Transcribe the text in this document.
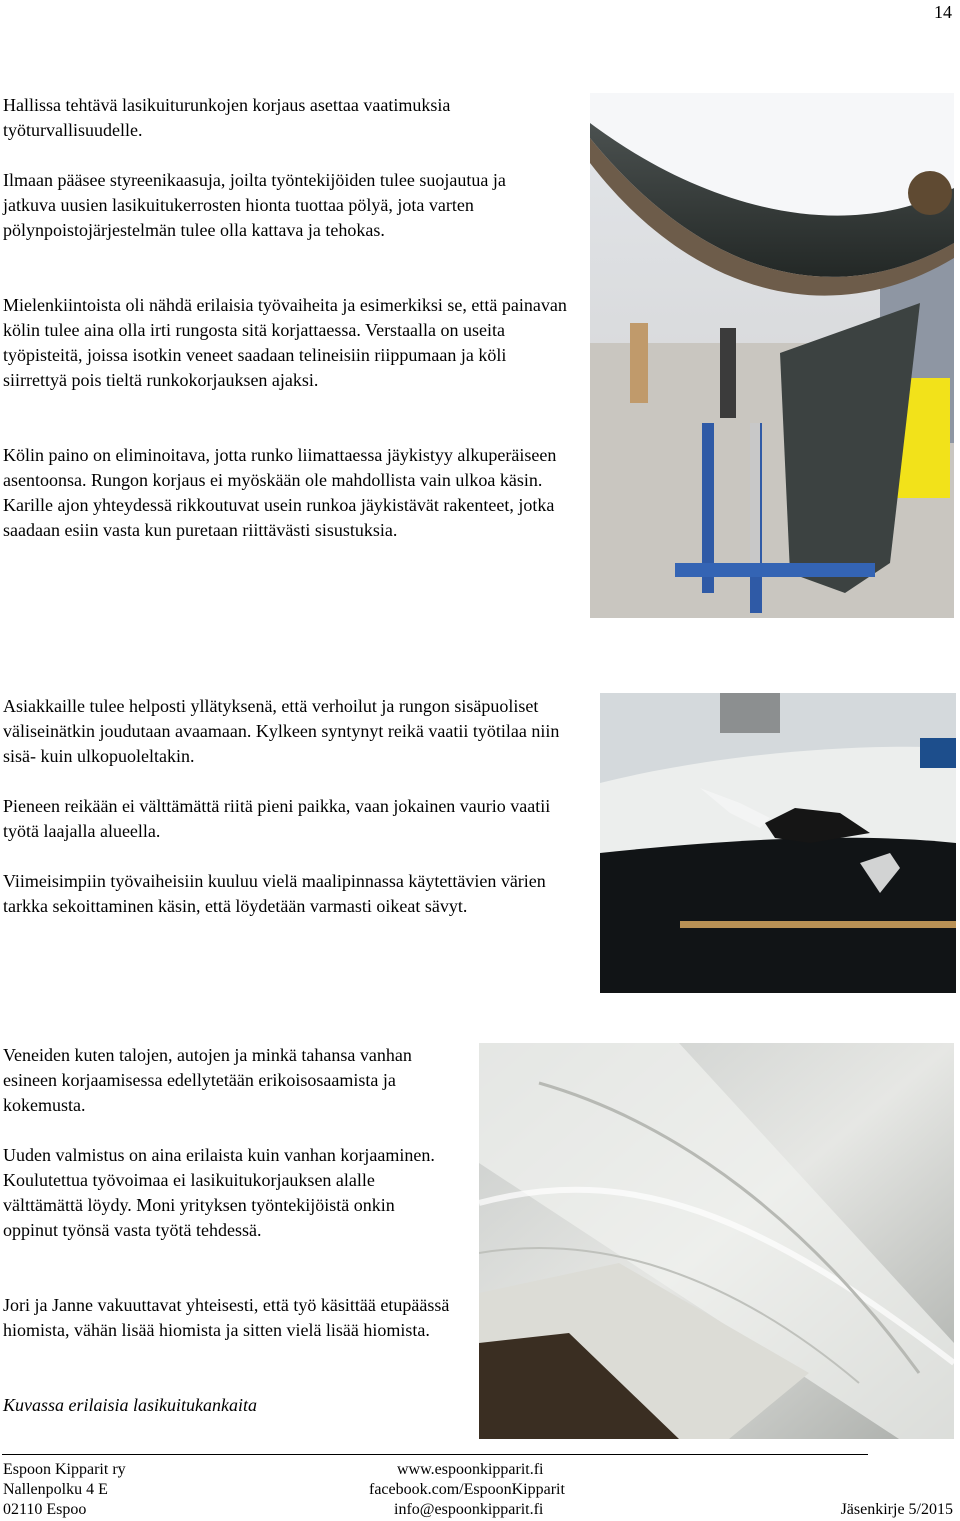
14

Hallissa tehtävä lasikuiturunkojen korjaus asettaa vaatimuksia työturvallisuudelle.

Ilmaan pääsee styreenikaasuja, joilta työntekijöiden tulee suojautua ja jatkuva uusien lasikuitukerrosten hionta tuottaa pölyä, jota varten pölynpoistojärjestelmän tulee olla kattava ja tehokas.

Mielenkiintoista oli nähdä erilaisia työvaiheita ja esimerkiksi se, että painavan kölin tulee aina olla irti rungosta sitä korjattaessa. Verstaalla on useita työpisteitä, joissa isotkin veneet saadaan telineisiin riippumaan ja köli siirrettyä pois tieltä runkokorjauksen ajaksi.

Kölin paino on eliminoitava, jotta runko liimattaessa jäykistyy alkuperäiseen asentoonsa. Rungon korjaus ei myöskään ole mahdollista vain ulkoa käsin. Karille ajon yhteydessä rikkoutuvat usein runkoa jäykistävät rakenteet, jotka saadaan esiin vasta kun puretaan riittävästi sisustuksia.

Asiakkaille tulee helposti yllätyksenä, että verhoilut ja rungon sisäpuoliset väliseinätkin joudutaan avaamaan. Kylkeen syntynyt reikä vaatii työtilaa niin sisä- kuin ulkopuoleltakin.

Pieneen reikään ei välttämättä riitä pieni paikka, vaan jokainen vaurio vaatii työtä laajalla alueella.

Viimeisimpiin työvaiheisiin kuuluu vielä maalipinnassa käytettävien värien tarkka sekoittaminen käsin, että löydetään varmasti oikeat sävyt.

Veneiden kuten talojen, autojen ja minkä tahansa vanhan esineen korjaamisessa edellytetään erikoisosaamista ja kokemusta.

Uuden valmistus on aina erilaista kuin vanhan korjaaminen. Koulutettua työvoimaa ei lasikuitukorjauksen alalle välttämättä löydy. Moni yrityksen työntekijöistä onkin oppinut työnsä vasta työtä tehdessä.

Jori ja Janne vakuuttavat yhteisesti, että työ käsittää etupäässä hiomista, vähän lisää hiomista ja sitten vielä lisää hiomista.

Kuvassa erilaisia lasikuitukankaita

Espoon Kipparit ry
Nallenpolku 4 E
02110 Espoo
www.espoonkipparit.fi
facebook.com/EspoonKipparit
info@espoonkipparit.fi	Jäsenkirje 5/2015
